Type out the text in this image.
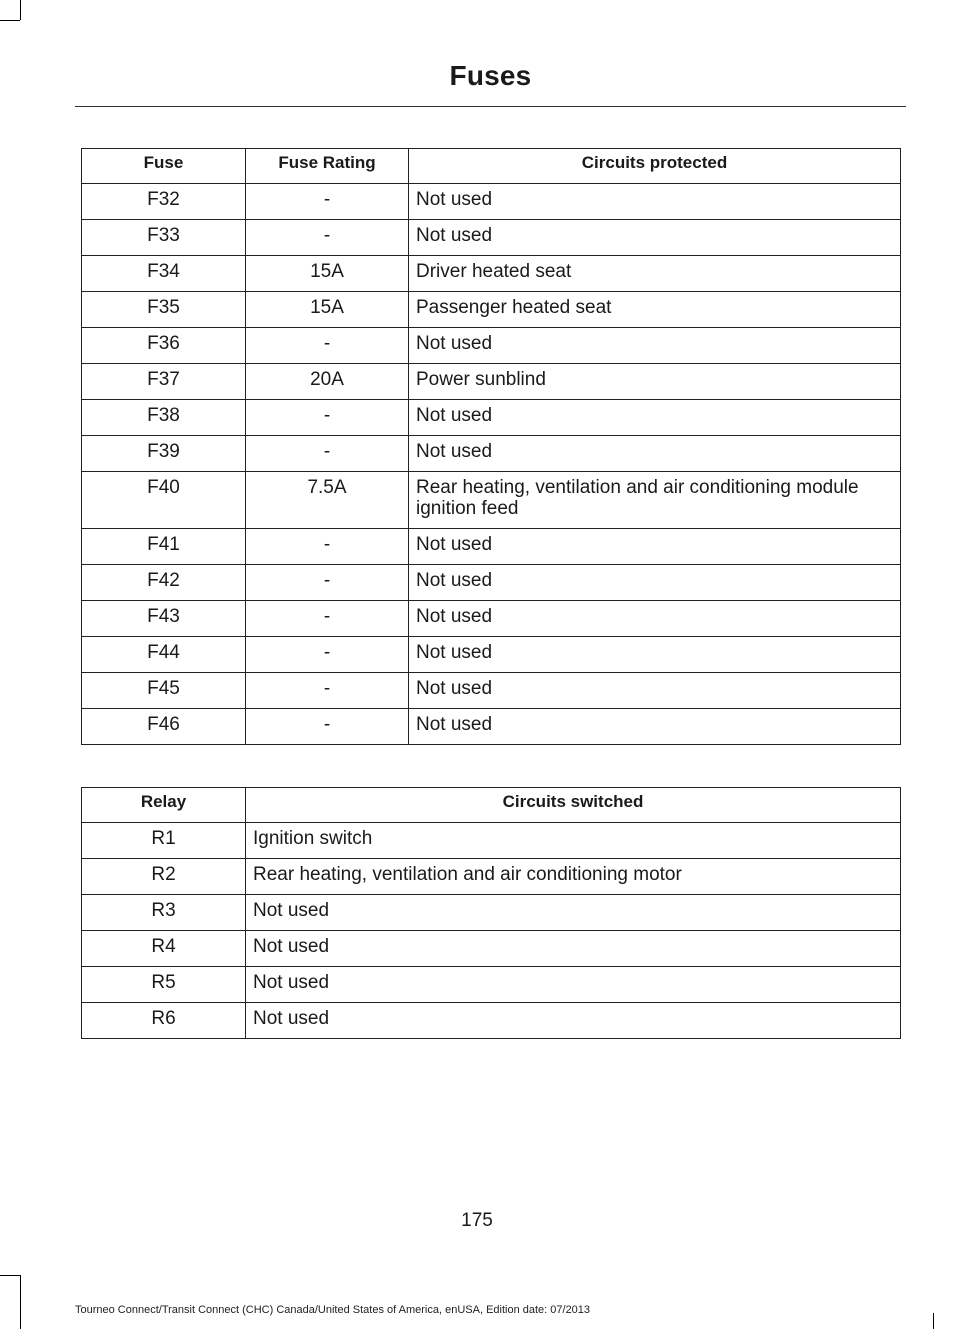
Fuses
Fuse	Fuse Rating	Circuits protected
F32	-	Not used
F33	-	Not used
F34	15A	Driver heated seat
F35	15A	Passenger heated seat
F36	-	Not used
F37	20A	Power sunblind
F38	-	Not used
F39	-	Not used
F40	7.5A	Rear heating, ventilation and air conditioning module ignition feed
F41	-	Not used
F42	-	Not used
F43	-	Not used
F44	-	Not used
F45	-	Not used
F46	-	Not used
Relay	Circuits switched
R1	Ignition switch
R2	Rear heating, ventilation and air conditioning motor
R3	Not used
R4	Not used
R5	Not used
R6	Not used
175
Tourneo Connect/Transit Connect (CHC) Canada/United States of America, enUSA, Edition date: 07/2013
